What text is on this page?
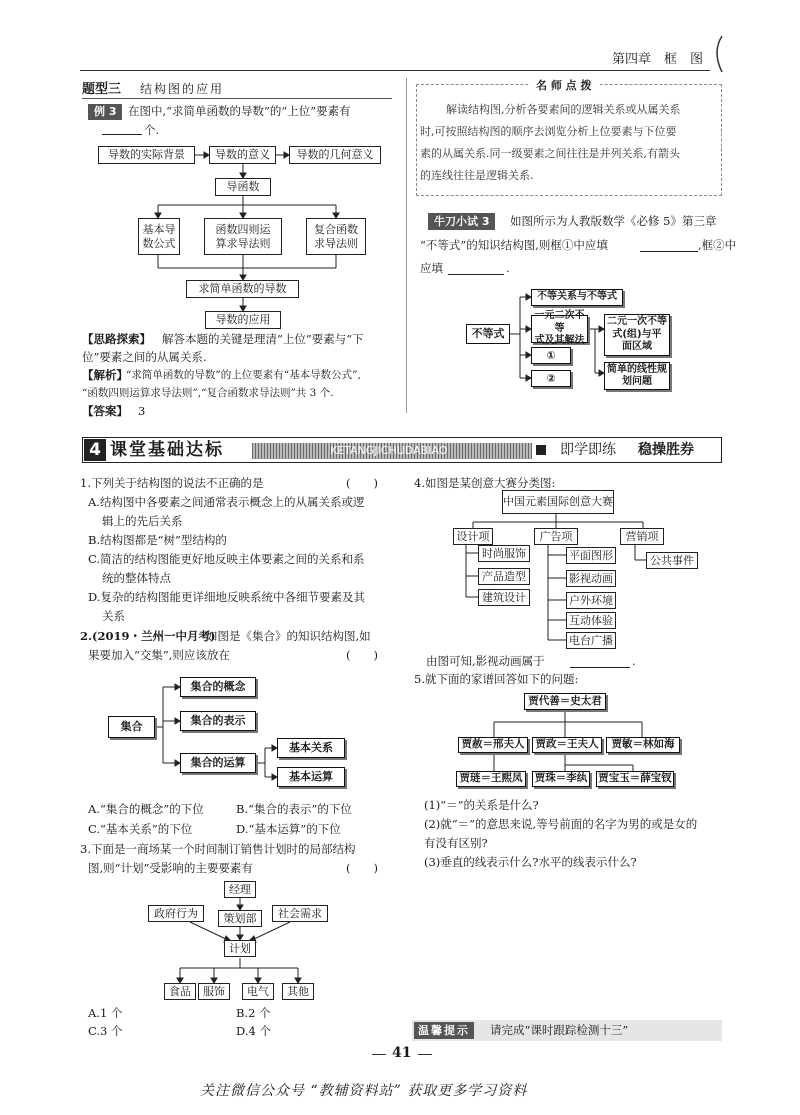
第四章　框　图
题型三 结构图的应用
例 3	在图中,“求简单函数的导数”的“上位”要素有
个.
导数的实际背景	导数的意义	导数的几何意义
导函数
基本导
数公式
函数四则运
算求导法则
复合函数
求导法则
求简单函数的导数
导数的应用
【思路探索】 解答本题的关键是理清“上位”要素与“下
位”要素之间的从属关系.
【解析】
“求简单函数的导数”的上位要素有“基本导数公式”,
“函数四则运算求导法则”,“复合函数求导法则”共 3 个.
【答案】 3
名 师 点 拨
解读结构图,分析各要素间的逻辑关系或从属关系
时,可按照结构图的顺序去浏览分析上位要素与下位要
素的从属关系.同一级要素之间往往是并列关系,有箭头
的连线往往是逻辑关系.
牛刀小试 3	如图所示为人教版数学《必修 5》第三章
“不等式”的知识结构图,则框①中应填	,框②中
应填	.
不等式
不等关系与不等式
一元二次不等
式及其解法
①
②
二元一次不等
式(组)与平
面区域
简单的线性规
划问题
4 课堂基础达标	KETANGJICHUDABIAO	即学即练 稳操胜券
1.下列关于结构图的说法不正确的是	(　　)
A.结构图中各要素之间通常表示概念上的从属关系或逻
辑上的先后关系
B.结构图都是“树”型结构的
C.简洁的结构图能更好地反映主体要素之间的关系和系
统的整体特点
D.复杂的结构图能更详细地反映系统中各细节要素及其
关系
2.(2019・兰州一中月考)
如图是《集合》的知识结构图,如
果要加入“交集”,则应该放在	(　　)
集合
集合的概念
集合的表示
集合的运算
基本关系
基本运算
A.“集合的概念”的下位	B.“集合的表示”的下位
C.“基本关系”的下位	D.“基本运算”的下位
3.下面是一商场某一个时间制订销售计划时的局部结构
图,则“计划”受影响的主要要素有	(　　)
经理
政府行为	策划部	社会需求
计划
食品	服饰	电气	其他
A.1 个	B.2 个
C.3 个	D.4 个
4.如图是某创意大赛分类图:
中国元素国际创意大赛
设计项	广告项	营销项
时尚服饰
产品造型
建筑设计
平面图形
影视动画
户外环境
互动体验
电台广播
公共事件
由图可知,影视动画属于	.
5.就下面的家谱回答如下的问题:
贾代善＝史太君
贾赦＝邢夫人	贾政＝王夫人	贾敏＝林如海
贾琏＝王熙凤	贾珠＝李纨 贾宝玉＝薛宝钗
(1)“＝”的关系是什么?
(2)就“＝”的意思来说,等号前面的名字为男的或是女的
有没有区别?
(3)垂直的线表示什么?水平的线表示什么?
温馨提示	请完成“课时跟踪检测十三”
41
关注微信公众号 “教辅资料站” 获取更多学习资料
